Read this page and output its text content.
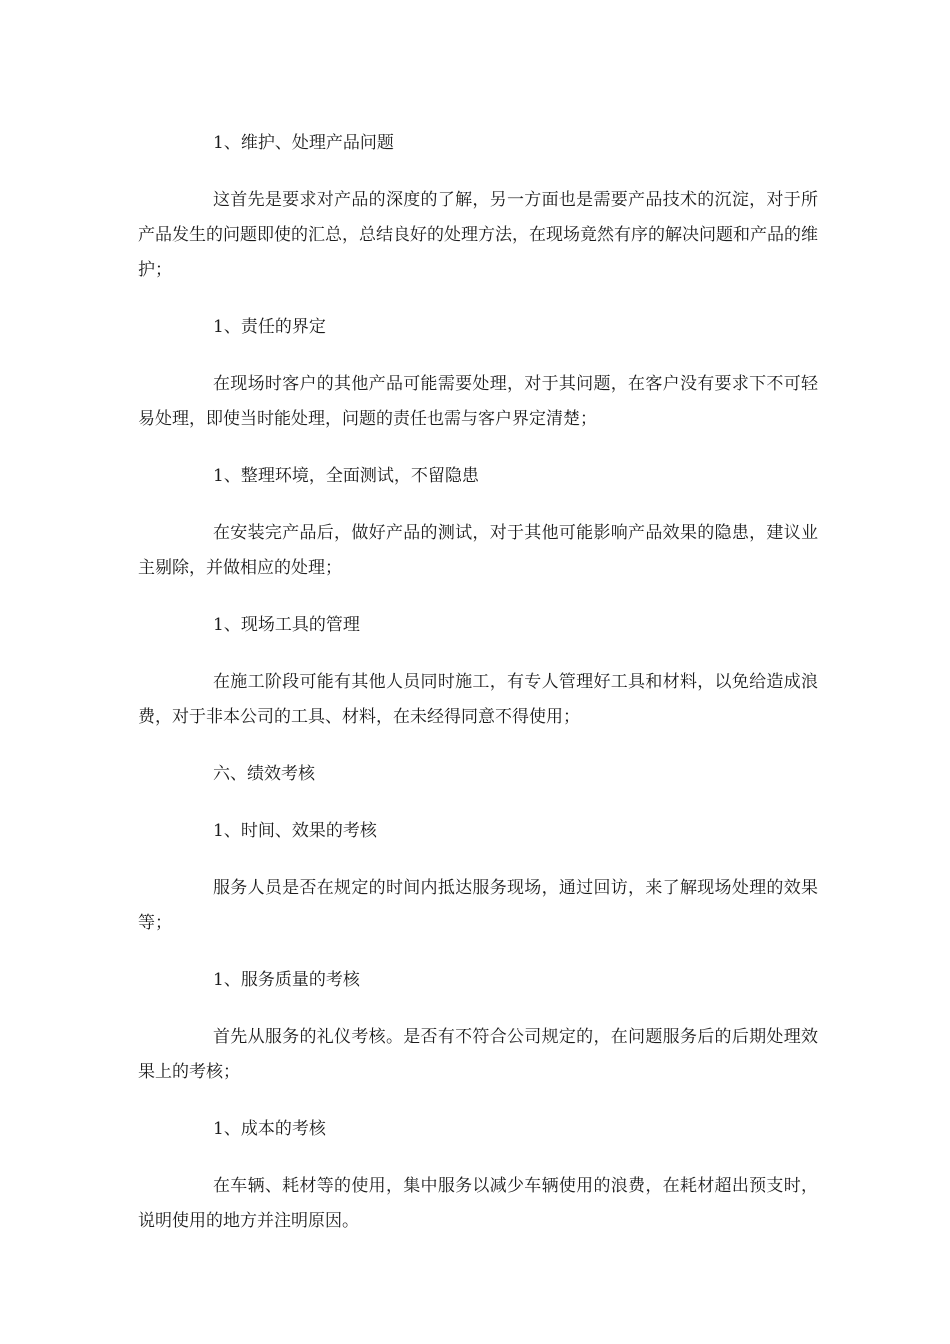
1、维护、处理产品问题

这首先是要求对产品的深度的了解，另一方面也是需要产品技术的沉淀，对于所产品发生的问题即使的汇总，总结良好的处理方法，在现场竟然有序的解决问题和产品的维护；

1、责任的界定

在现场时客户的其他产品可能需要处理，对于其问题，在客户没有要求下不可轻易处理，即使当时能处理，问题的责任也需与客户界定清楚；

1、整理环境，全面测试，不留隐患

在安装完产品后，做好产品的测试，对于其他可能影响产品效果的隐患，建议业主剔除，并做相应的处理；

1、现场工具的管理

在施工阶段可能有其他人员同时施工，有专人管理好工具和材料，以免给造成浪费，对于非本公司的工具、材料，在未经得同意不得使用；

六、绩效考核

1、时间、效果的考核

服务人员是否在规定的时间内抵达服务现场，通过回访，来了解现场处理的效果等；

1、服务质量的考核

首先从服务的礼仪考核。是否有不符合公司规定的，在问题服务后的后期处理效果上的考核；

1、成本的考核

在车辆、耗材等的使用，集中服务以减少车辆使用的浪费，在耗材超出预支时，说明使用的地方并注明原因。
